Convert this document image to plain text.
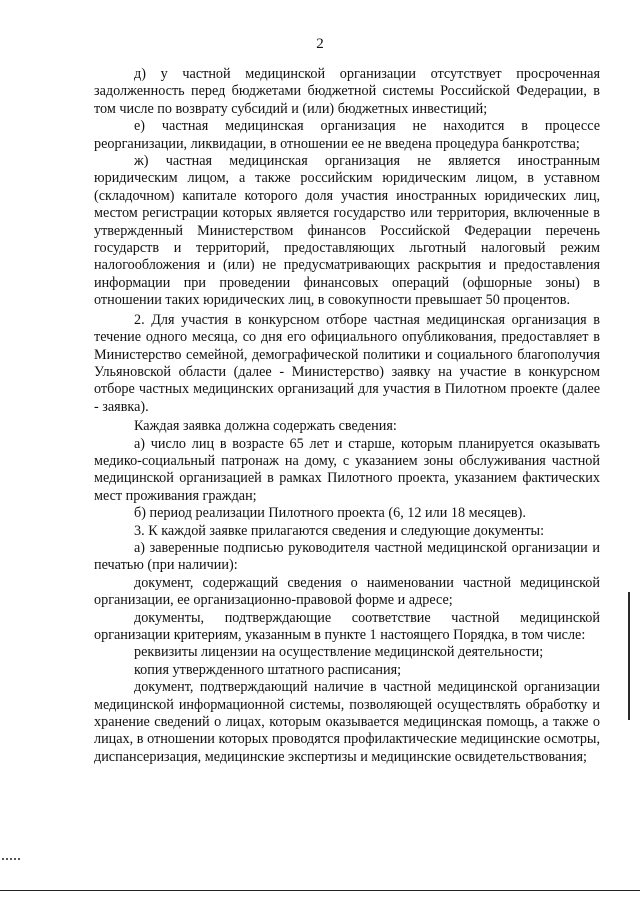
2

д) у частной медицинской организации отсутствует просроченная задолженность перед бюджетами бюджетной системы Российской Федерации, в том числе по возврату субсидий и (или) бюджетных инвестиций;

е) частная медицинская организация не находится в процессе реорганизации, ликвидации, в отношении ее не введена процедура банкротства;

ж) частная медицинская организация не является иностранным юридическим лицом, а также российским юридическим лицом, в уставном (складочном) капитале которого доля участия иностранных юридических лиц, местом регистрации которых является государство или территория, включенные в утвержденный Министерством финансов Российской Федерации перечень государств и территорий, предоставляющих льготный налоговый режим налогообложения и (или) не предусматривающих раскрытия и предоставления информации при проведении финансовых операций (офшорные зоны) в отношении таких юридических лиц, в совокупности превышает 50 процентов.

2. Для участия в конкурсном отборе частная медицинская организация в течение одного месяца, со дня его официального опубликования, предоставляет в Министерство семейной, демографической политики и социального благополучия Ульяновской области (далее - Министерство) заявку на участие в конкурсном отборе частных медицинских организаций для участия в Пилотном проекте (далее - заявка).

Каждая заявка должна содержать сведения:

а) число лиц в возрасте 65 лет и старше, которым планируется оказывать медико-социальный патронаж на дому, с указанием зоны обслуживания частной медицинской организацией в рамках Пилотного проекта, указанием фактических мест проживания граждан;

б) период реализации Пилотного проекта (6, 12 или 18 месяцев).

3. К каждой заявке прилагаются сведения и следующие документы:

а) заверенные подписью руководителя частной медицинской организации и печатью (при наличии):

документ, содержащий сведения о наименовании частной медицинской организации, ее организационно-правовой форме и адресе;

документы, подтверждающие соответствие частной медицинской организации критериям, указанным в пункте 1 настоящего Порядка, в том числе:

реквизиты лицензии на осуществление медицинской деятельности;

копия утвержденного штатного расписания;

документ, подтверждающий наличие в частной медицинской организации медицинской информационной системы, позволяющей осуществлять обработку и хранение сведений о лицах, которым оказывается медицинская помощь, а также о лицах, в отношении которых проводятся профилактические медицинские осмотры, диспансеризация, медицинские экспертизы и медицинские освидетельствования;
